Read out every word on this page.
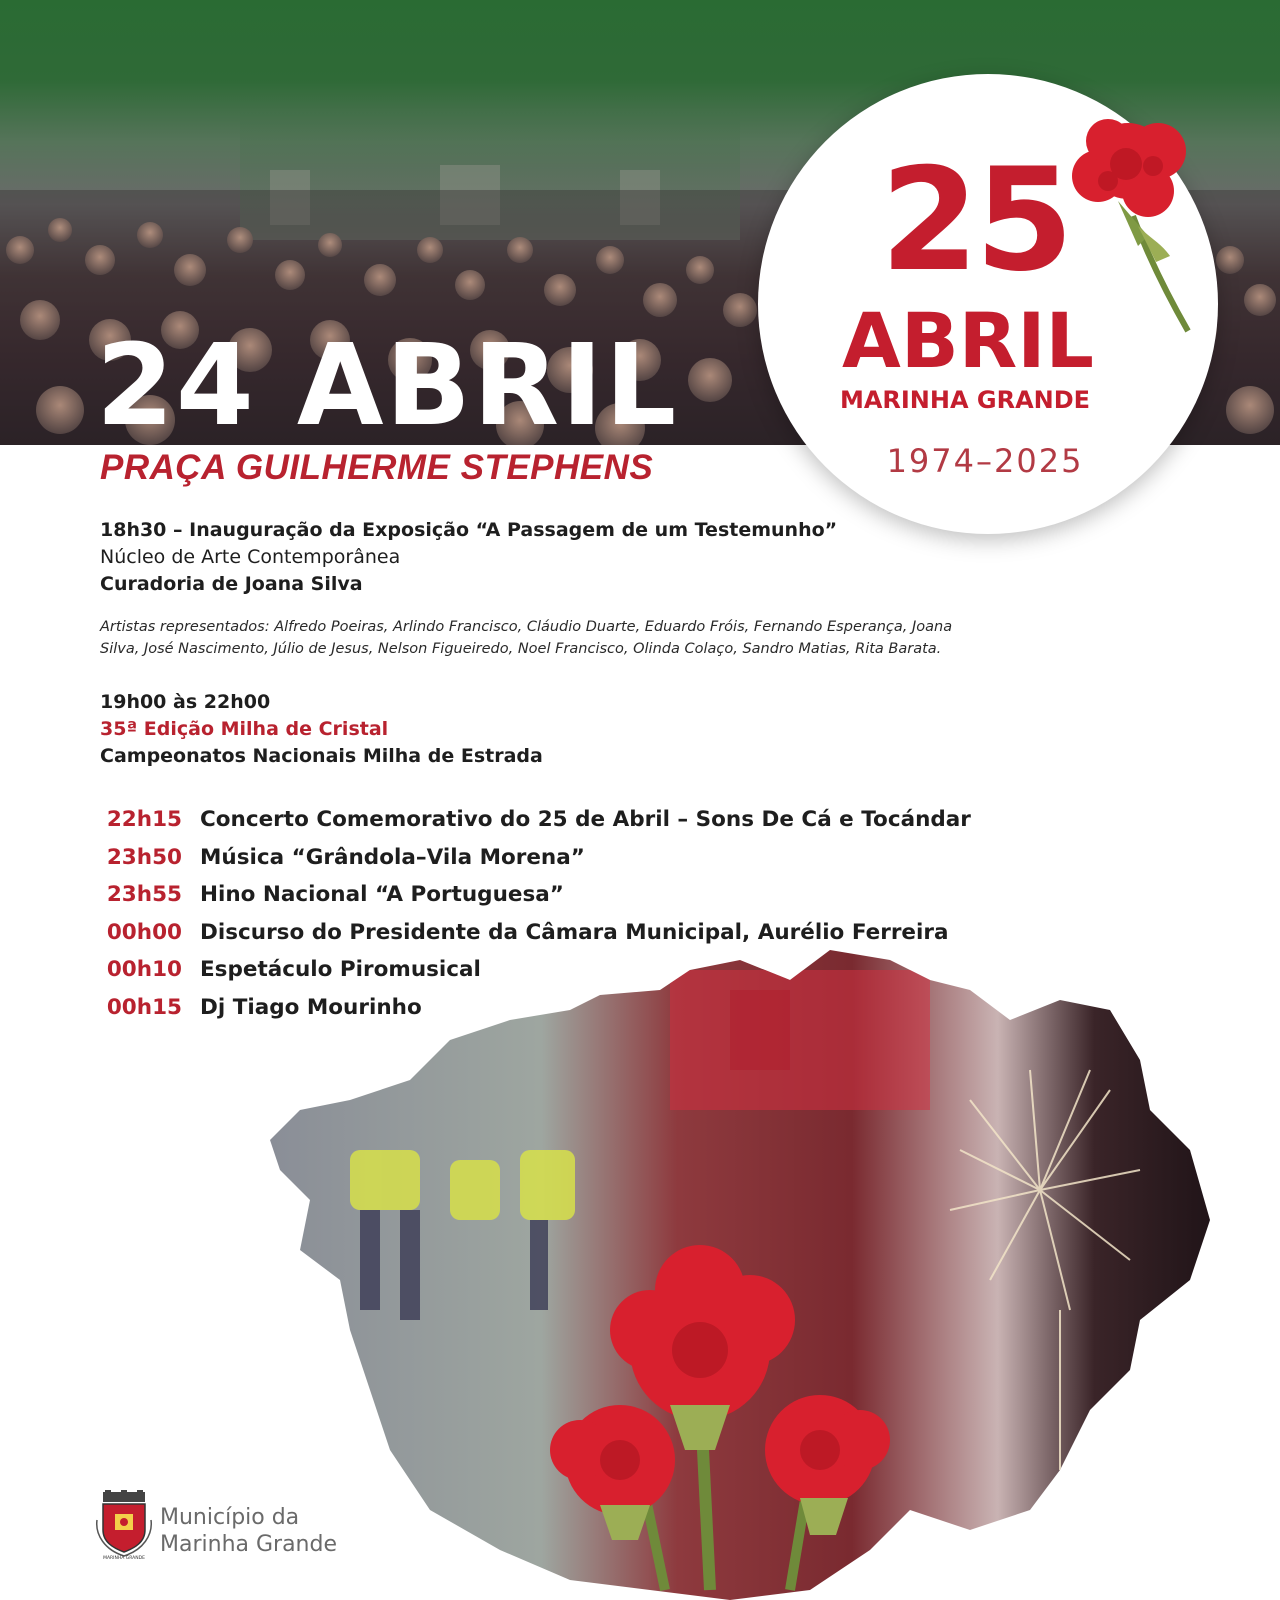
24 ABRIL
PRAÇA GUILHERME STEPHENS
25
ABRIL
MARINHA GRANDE
1974–2025
18h30 – Inauguração da Exposição “A Passagem de um Testemunho”
Núcleo de Arte Contemporânea
Curadoria de Joana Silva
Artistas representados: Alfredo Poeiras, Arlindo Francisco, Cláudio Duarte, Eduardo Fróis, Fernando Esperança, Joana
Silva, José Nascimento, Júlio de Jesus, Nelson Figueiredo, Noel Francisco, Olinda Colaço, Sandro Matias, Rita Barata.
19h00 às 22h00
35ª Edição Milha de Cristal
Campeonatos Nacionais Milha de Estrada
22h15 Concerto Comemorativo do 25 de Abril – Sons De Cá e Tocándar
23h50 Música “Grândola–Vila Morena”
23h55 Hino Nacional “A Portuguesa”
00h00 Discurso do Presidente da Câmara Municipal, Aurélio Ferreira
00h10 Espetáculo Piromusical
00h15 Dj Tiago Mourinho
MARINHA GRANDE
Município da
Marinha Grande
